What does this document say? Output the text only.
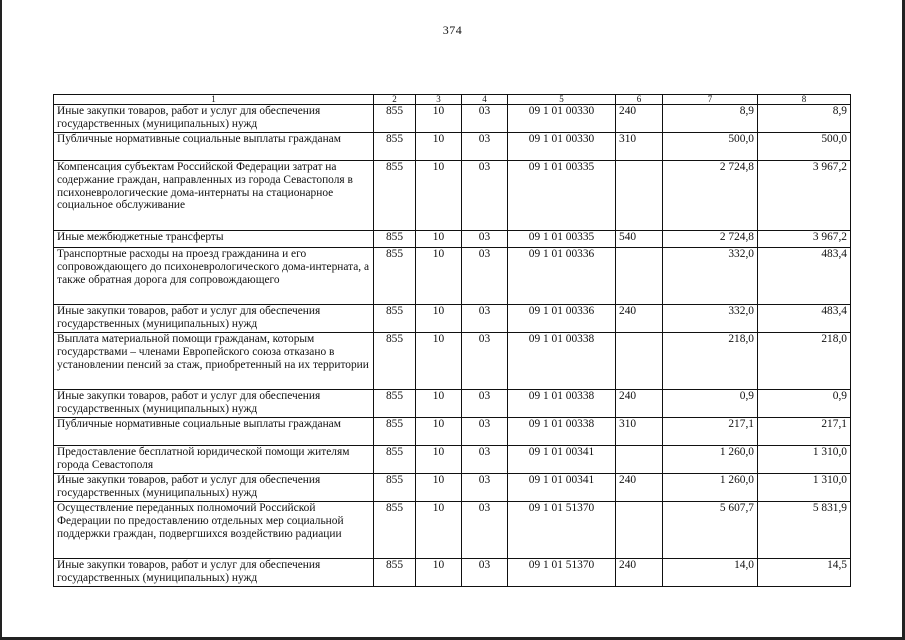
374
1	2	3	4	5	6	7	8
Иные закупки товаров, работ и услуг для обеспечения государственных (муниципальных) нужд	855	10	03	09 1 01 00330	240	8,9	8,9
Публичные нормативные социальные выплаты гражданам	855	10	03	09 1 01 00330	310	500,0	500,0
Компенсация субъектам Российской Федерации затрат на содержание граждан, направленных из города Севастополя в психоневрологические дома-интернаты на стационарное социальное обслуживание	855	10	03	09 1 01 00335		2 724,8	3 967,2
Иные межбюджетные трансферты	855	10	03	09 1 01 00335	540	2 724,8	3 967,2
Транспортные расходы на проезд гражданина и его сопровождающего до психоневрологического дома-интерната, а также обратная дорога для сопровождающего	855	10	03	09 1 01 00336		332,0	483,4
Иные закупки товаров, работ и услуг для обеспечения государственных (муниципальных) нужд	855	10	03	09 1 01 00336	240	332,0	483,4
Выплата материальной помощи гражданам, которым государствами – членами Европейского союза отказано в установлении пенсий за стаж, приобретенный на их территории	855	10	03	09 1 01 00338		218,0	218,0
Иные закупки товаров, работ и услуг для обеспечения государственных (муниципальных) нужд	855	10	03	09 1 01 00338	240	0,9	0,9
Публичные нормативные социальные выплаты гражданам	855	10	03	09 1 01 00338	310	217,1	217,1
Предоставление бесплатной юридической помощи жителям города Севастополя	855	10	03	09 1 01 00341		1 260,0	1 310,0
Иные закупки товаров, работ и услуг для обеспечения государственных (муниципальных) нужд	855	10	03	09 1 01 00341	240	1 260,0	1 310,0
Осуществление переданных полномочий Российской Федерации по предоставлению отдельных мер социальной поддержки граждан, подвергшихся воздействию радиации	855	10	03	09 1 01 51370		5 607,7	5 831,9
Иные закупки товаров, работ и услуг для обеспечения государственных (муниципальных) нужд	855	10	03	09 1 01 51370	240	14,0	14,5
